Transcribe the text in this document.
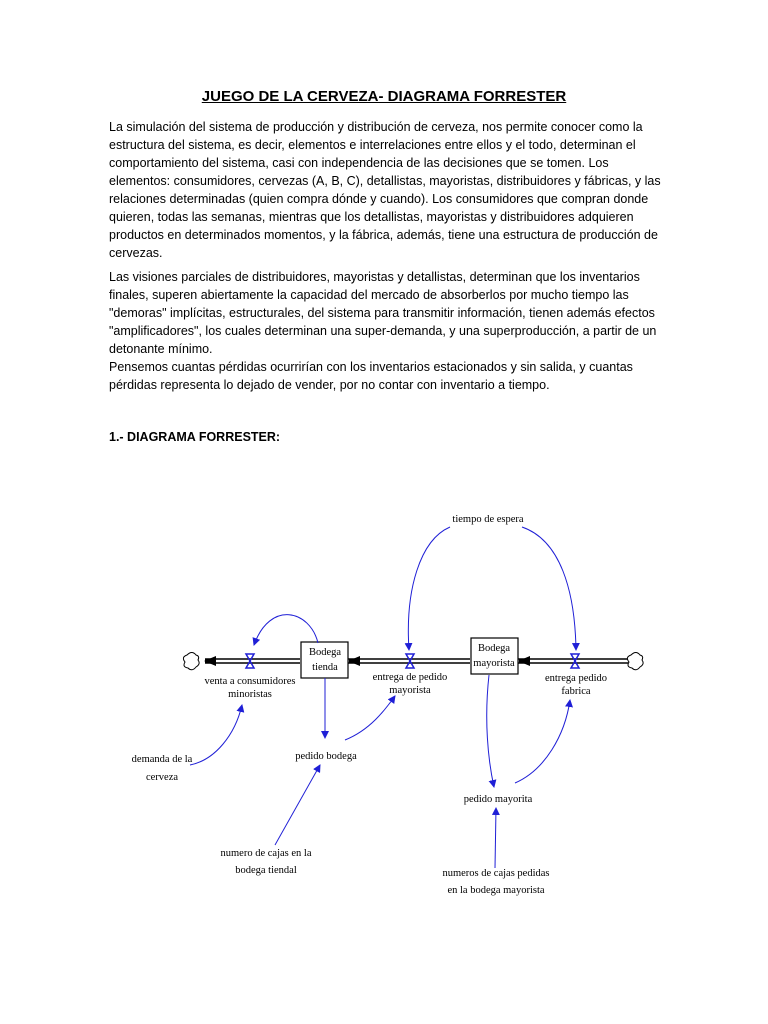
JUEGO DE LA CERVEZA- DIAGRAMA FORRESTER

La simulación del sistema de producción y distribución de cerveza, nos permite conocer como la estructura del sistema, es decir, elementos e interrelaciones entre ellos y el todo, determinan el comportamiento del sistema, casi con independencia de las decisiones que se tomen. Los elementos: consumidores, cervezas (A, B, C), detallistas, mayoristas, distribuidores y fábricas, y las relaciones determinadas (quien compra dónde y cuando). Los consumidores que compran donde quieren, todas las semanas, mientras que los detallistas, mayoristas y distribuidores adquieren productos en determinados momentos, y la fábrica, además, tiene una estructura de producción de cervezas.

Las visiones parciales de distribuidores, mayoristas y detallistas, determinan que los inventarios finales, superen abiertamente la capacidad del mercado de absorberlos por mucho tiempo las "demoras" implícitas, estructurales, del sistema para transmitir información, tienen además efectos "amplificadores", los cuales determinan una super-demanda, y una superproducción, a partir de un detonante mínimo.

Pensemos cuantas pérdidas ocurrirían con los inventarios estacionados y sin salida, y cuantas pérdidas representa lo dejado de vender, por no contar con inventario a tiempo.

1.- DIAGRAMA FORRESTER:
Bodega
tienda
Bodega
mayorista
tiempo de espera
venta a consumidores
minoristas
entrega de pedido
mayorista
entrega pedido
fabrica
demanda de la
cerveza
pedido bodega
pedido mayorita
numero de cajas en la
bodega tiendal	numeros de cajas pedidas
en la bodega mayorista
